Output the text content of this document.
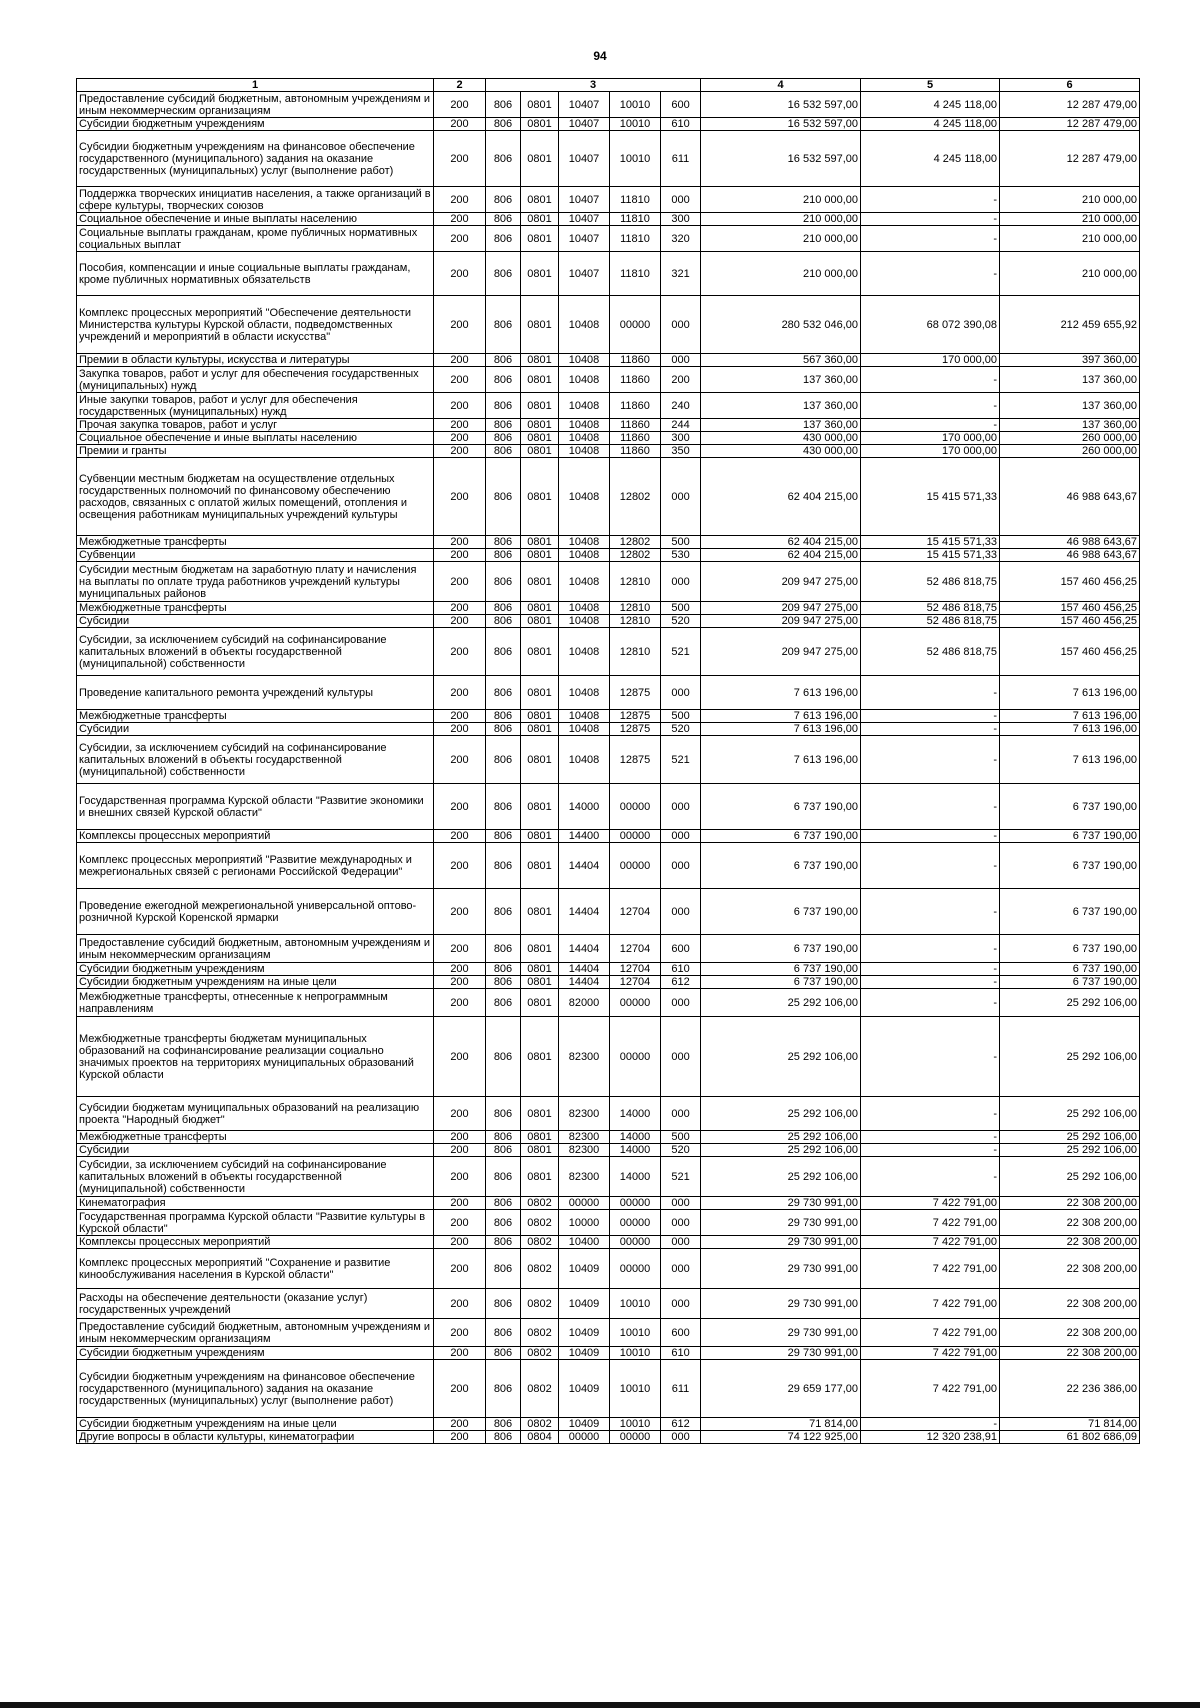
94
1	2	3					4	5	6
Предоставление субсидий бюджетным, автономным учреждениям и иным некоммерческим организациям	200	806	0801	10407	10010	600	16 532 597,00	4 245 118,00	12 287 479,00
Субсидии бюджетным учреждениям	200	806	0801	10407	10010	610	16 532 597,00	4 245 118,00	12 287 479,00
Субсидии бюджетным учреждениям на финансовое обеспечение государственного (муниципального) задания на оказание государственных (муниципальных) услуг (выполнение работ)	200	806	0801	10407	10010	611	16 532 597,00	4 245 118,00	12 287 479,00
Поддержка творческих инициатив населения, а также организаций в сфере культуры, творческих союзов	200	806	0801	10407	11810	000	210 000,00	-	210 000,00
Социальное обеспечение и иные выплаты населению	200	806	0801	10407	11810	300	210 000,00	-	210 000,00
Социальные выплаты гражданам, кроме публичных нормативных социальных выплат	200	806	0801	10407	11810	320	210 000,00	-	210 000,00
Пособия, компенсации и иные социальные выплаты гражданам, кроме публичных нормативных обязательств	200	806	0801	10407	11810	321	210 000,00	-	210 000,00
Комплекс процессных мероприятий "Обеспечение деятельности Министерства культуры Курской области, подведомственных учреждений и мероприятий в области искусства"	200	806	0801	10408	00000	000	280 532 046,00	68 072 390,08	212 459 655,92
Премии в области культуры, искусства и литературы	200	806	0801	10408	11860	000	567 360,00	170 000,00	397 360,00
Закупка товаров, работ и услуг для обеспечения государственных (муниципальных) нужд	200	806	0801	10408	11860	200	137 360,00	-	137 360,00
Иные закупки товаров, работ и услуг для обеспечения государственных (муниципальных) нужд	200	806	0801	10408	11860	240	137 360,00	-	137 360,00
Прочая закупка товаров, работ и услуг	200	806	0801	10408	11860	244	137 360,00	-	137 360,00
Социальное обеспечение и иные выплаты населению	200	806	0801	10408	11860	300	430 000,00	170 000,00	260 000,00
Премии и гранты	200	806	0801	10408	11860	350	430 000,00	170 000,00	260 000,00
Субвенции местным бюджетам на осуществление отдельных государственных полномочий по финансовому обеспечению расходов, связанных с оплатой жилых помещений, отопления и освещения работникам муниципальных учреждений культуры	200	806	0801	10408	12802	000	62 404 215,00	15 415 571,33	46 988 643,67
Межбюджетные трансферты	200	806	0801	10408	12802	500	62 404 215,00	15 415 571,33	46 988 643,67
Субвенции	200	806	0801	10408	12802	530	62 404 215,00	15 415 571,33	46 988 643,67
Субсидии местным бюджетам на заработную плату и начисления на выплаты по оплате труда работников учреждений культуры муниципальных районов	200	806	0801	10408	12810	000	209 947 275,00	52 486 818,75	157 460 456,25
Межбюджетные трансферты	200	806	0801	10408	12810	500	209 947 275,00	52 486 818,75	157 460 456,25
Субсидии	200	806	0801	10408	12810	520	209 947 275,00	52 486 818,75	157 460 456,25
Субсидии, за исключением субсидий на софинансирование капитальных вложений в объекты государственной (муниципальной) собственности	200	806	0801	10408	12810	521	209 947 275,00	52 486 818,75	157 460 456,25
Проведение капитального ремонта учреждений культуры	200	806	0801	10408	12875	000	7 613 196,00	-	7 613 196,00
Межбюджетные трансферты	200	806	0801	10408	12875	500	7 613 196,00	-	7 613 196,00
Субсидии	200	806	0801	10408	12875	520	7 613 196,00	-	7 613 196,00
Субсидии, за исключением субсидий на софинансирование капитальных вложений в объекты государственной (муниципальной) собственности	200	806	0801	10408	12875	521	7 613 196,00	-	7 613 196,00
Государственная программа Курской области "Развитие экономики и внешних связей Курской области"	200	806	0801	14000	00000	000	6 737 190,00	-	6 737 190,00
Комплексы процессных мероприятий	200	806	0801	14400	00000	000	6 737 190,00	-	6 737 190,00
Комплекс процессных мероприятий "Развитие международных и межрегиональных связей с регионами Российской Федерации"	200	806	0801	14404	00000	000	6 737 190,00	-	6 737 190,00
Проведение ежегодной межрегиональной универсальной оптово-розничной Курской Коренской ярмарки	200	806	0801	14404	12704	000	6 737 190,00	-	6 737 190,00
Предоставление субсидий бюджетным, автономным учреждениям и иным некоммерческим организациям	200	806	0801	14404	12704	600	6 737 190,00	-	6 737 190,00
Субсидии бюджетным учреждениям	200	806	0801	14404	12704	610	6 737 190,00	-	6 737 190,00
Субсидии бюджетным учреждениям на иные цели	200	806	0801	14404	12704	612	6 737 190,00	-	6 737 190,00
Межбюджетные трансферты, отнесенные к непрограммным направлениям	200	806	0801	82000	00000	000	25 292 106,00	-	25 292 106,00
Межбюджетные трансферты бюджетам муниципальных образований на софинансирование реализации социально значимых проектов на территориях муниципальных образований Курской области	200	806	0801	82300	00000	000	25 292 106,00	-	25 292 106,00
Субсидии бюджетам муниципальных образований на реализацию проекта "Народный бюджет"	200	806	0801	82300	14000	000	25 292 106,00	-	25 292 106,00
Межбюджетные трансферты	200	806	0801	82300	14000	500	25 292 106,00	-	25 292 106,00
Субсидии	200	806	0801	82300	14000	520	25 292 106,00	-	25 292 106,00
Субсидии, за исключением субсидий на софинансирование капитальных вложений в объекты государственной (муниципальной) собственности	200	806	0801	82300	14000	521	25 292 106,00	-	25 292 106,00
Кинематография	200	806	0802	00000	00000	000	29 730 991,00	7 422 791,00	22 308 200,00
Государственная программа Курской области "Развитие культуры в Курской области"	200	806	0802	10000	00000	000	29 730 991,00	7 422 791,00	22 308 200,00
Комплексы процессных мероприятий	200	806	0802	10400	00000	000	29 730 991,00	7 422 791,00	22 308 200,00
Комплекс процессных мероприятий "Сохранение и развитие кинообслуживания населения в Курской области"	200	806	0802	10409	00000	000	29 730 991,00	7 422 791,00	22 308 200,00
Расходы на обеспечение деятельности (оказание услуг) государственных учреждений	200	806	0802	10409	10010	000	29 730 991,00	7 422 791,00	22 308 200,00
Предоставление субсидий бюджетным, автономным учреждениям и иным некоммерческим организациям	200	806	0802	10409	10010	600	29 730 991,00	7 422 791,00	22 308 200,00
Субсидии бюджетным учреждениям	200	806	0802	10409	10010	610	29 730 991,00	7 422 791,00	22 308 200,00
Субсидии бюджетным учреждениям на финансовое обеспечение государственного (муниципального) задания на оказание государственных (муниципальных) услуг (выполнение работ)	200	806	0802	10409	10010	611	29 659 177,00	7 422 791,00	22 236 386,00
Субсидии бюджетным учреждениям на иные цели	200	806	0802	10409	10010	612	71 814,00	-	71 814,00
Другие вопросы в области культуры, кинематографии	200	806	0804	00000	00000	000	74 122 925,00	12 320 238,91	61 802 686,09
